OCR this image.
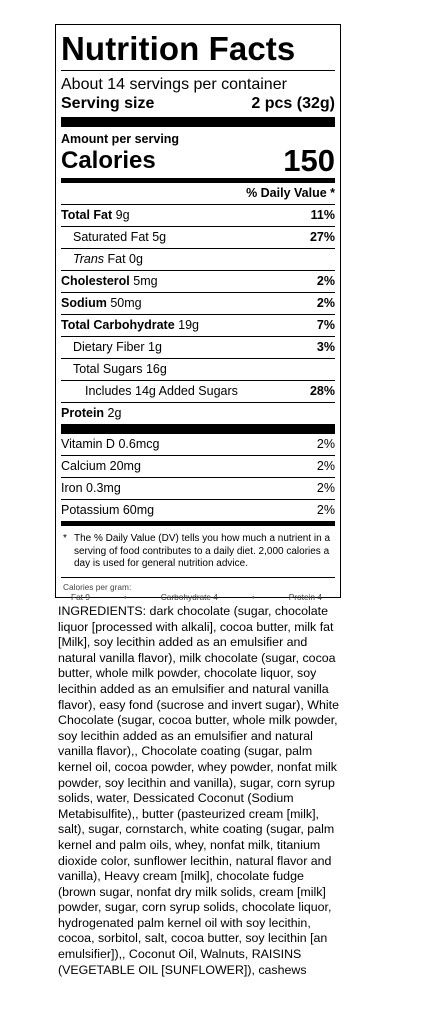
Nutrition Facts
About 14 servings per container
Serving size	2 pcs (32g)
Amount per serving
Calories	150
% Daily Value *
Total Fat 9g	11%
Saturated Fat 5g	27%
Trans Fat 0g
Cholesterol 5mg	2%
Sodium 50mg	2%
Total Carbohydrate 19g	7%
Dietary Fiber 1g	3%
Total Sugars 16g
Includes 14g Added Sugars	28%
Protein 2g
Vitamin D 0.6mcg	2%
Calcium 20mg	2%
Iron 0.3mg	2%
Potassium 60mg	2%
* The % Daily Value (DV) tells you how much a nutrient in a serving of food contributes to a daily diet. 2,000 calories a day is used for general nutrition advice.
Calories per gram:
Fat 9	•	Carbohydrate 4	•	Protein 4

INGREDIENTS: dark chocolate (sugar, chocolate liquor [processed with alkali], cocoa butter, milk fat [Milk], soy lecithin added as an emulsifier and natural vanilla flavor), milk chocolate (sugar, cocoa butter, whole milk powder, chocolate liquor, soy lecithin added as an emulsifier and natural vanilla flavor), easy fond (sucrose and invert sugar), White Chocolate (sugar, cocoa butter, whole milk powder, soy lecithin added as an emulsifier and natural vanilla flavor),, Chocolate coating (sugar, palm kernel oil, cocoa powder, whey powder, nonfat milk powder, soy lecithin and vanilla), sugar, corn syrup solids, water, Dessicated Coconut (Sodium Metabisulfite),, butter (pasteurized cream [milk], salt), sugar, cornstarch, white coating (sugar, palm kernel and palm oils, whey, nonfat milk, titanium dioxide color, sunflower lecithin, natural flavor and vanilla), Heavy cream [milk], chocolate fudge (brown sugar, nonfat dry milk solids, cream [milk] powder, sugar, corn syrup solids, chocolate liquor, hydrogenated palm kernel oil with soy lecithin, cocoa, sorbitol, salt, cocoa butter, soy lecithin [an emulsifier]),, Coconut Oil, Walnuts, RAISINS (VEGETABLE OIL [SUNFLOWER]), cashews
